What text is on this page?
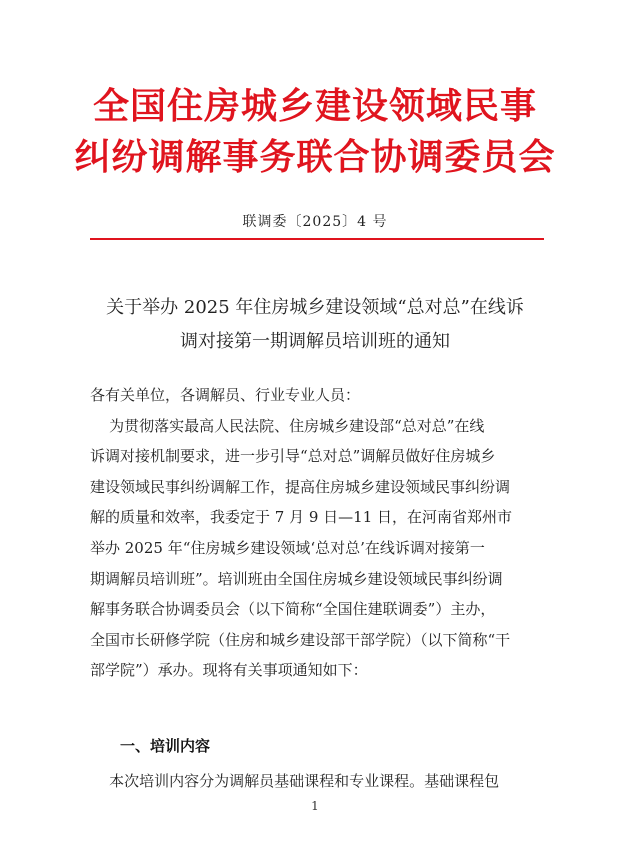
全国住房城乡建设领域民事
纠纷调解事务联合协调委员会
联调委〔2025〕4 号
关于举办 2025 年住房城乡建设领域“总对总”在线诉
调对接第一期调解员培训班的通知
各有关单位，各调解员、行业专业人员：
为贯彻落实最高人民法院、住房城乡建设部“总对总”在线
诉调对接机制要求，进一步引导“总对总”调解员做好住房城乡
建设领域民事纠纷调解工作，提高住房城乡建设领域民事纠纷调
解的质量和效率，我委定于 7 月 9 日—11 日，在河南省郑州市
举办 2025 年“住房城乡建设领域‘总对总’在线诉调对接第一
期调解员培训班”。培训班由全国住房城乡建设领域民事纠纷调
解事务联合协调委员会（以下简称“全国住建联调委”）主办，
全国市长研修学院（住房和城乡建设部干部学院）（以下简称“干
部学院”）承办。现将有关事项通知如下：
一、培训内容
本次培训内容分为调解员基础课程和专业课程。基础课程包
1
